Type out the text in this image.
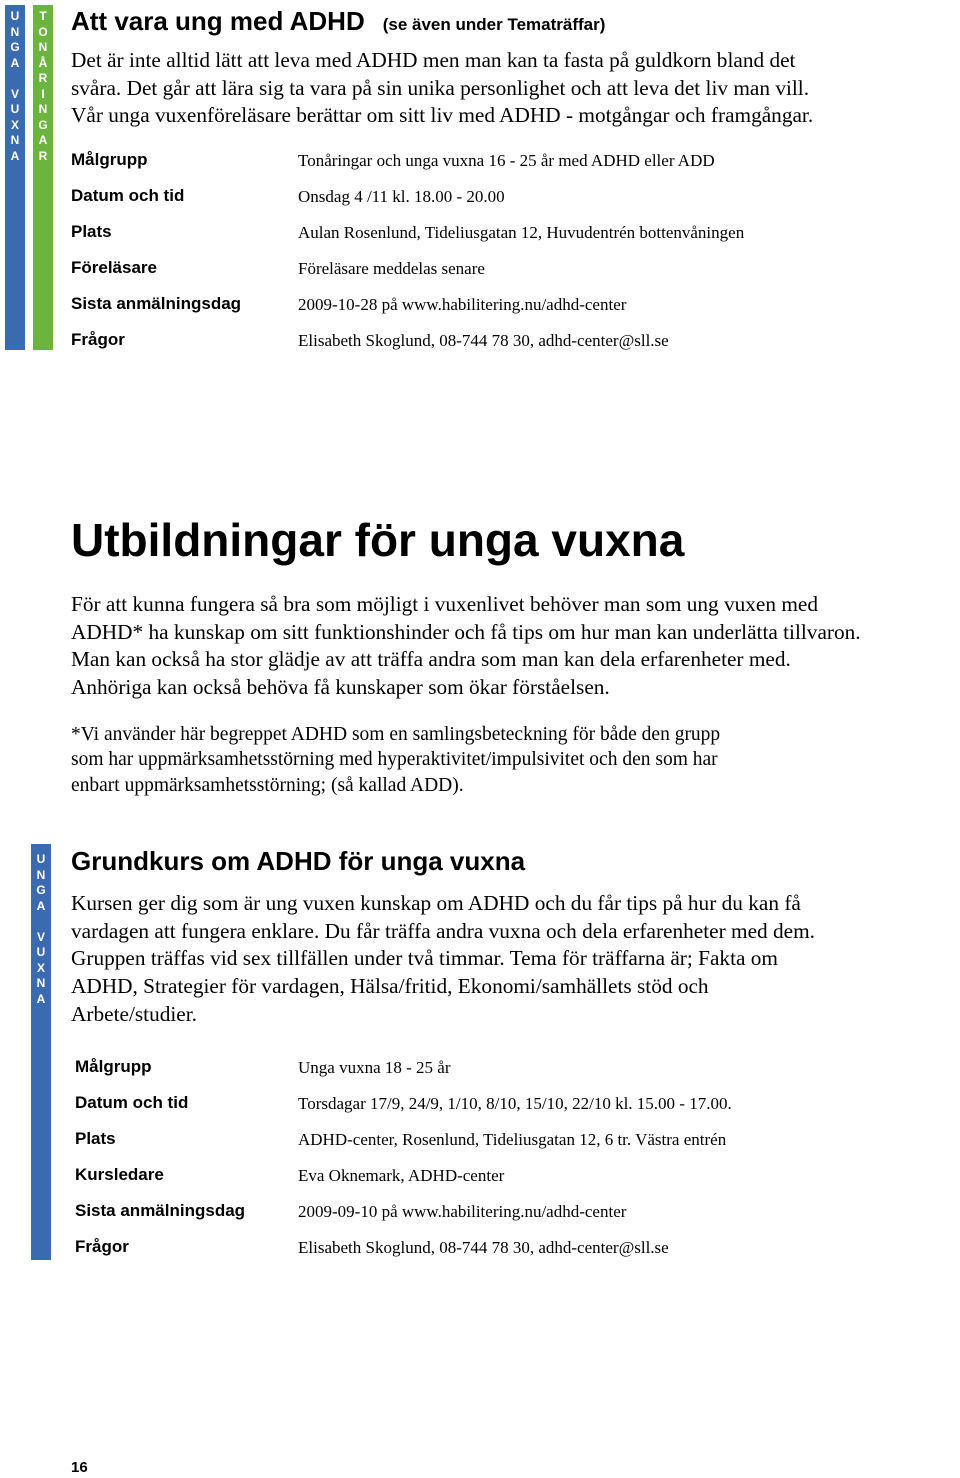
U
N
G
A
V
U
X
N
A
T
O
N
Å
R
I
N
G
A
R
U
N
G
A
V
U
X
N
A
Att vara ung med ADHD (se även under Tematräffar)
Det är inte alltid lätt att leva med ADHD men man kan ta fasta på guldkorn bland det
svåra. Det går att lära sig ta vara på sin unika personlighet och att leva det liv man vill.
Vår unga vuxenföreläsare berättar om sitt liv med ADHD - motgångar och framgångar.
Målgrupp	Tonåringar och unga vuxna 16 - 25 år med ADHD eller ADD
Datum och tid	Onsdag 4 /11 kl. 18.00 - 20.00
Plats	Aulan Rosenlund, Tideliusgatan 12, Huvudentrén bottenvåningen
Föreläsare	Föreläsare meddelas senare
Sista anmälningsdag	2009-10-28 på www.habilitering.nu/adhd-center
Frågor	Elisabeth Skoglund, 08-744 78 30, adhd-center@sll.se
Utbildningar för unga vuxna
För att kunna fungera så bra som möjligt i vuxenlivet behöver man som ung vuxen med
ADHD* ha kunskap om sitt funktionshinder och få tips om hur man kan underlätta tillvaron.
Man kan också ha stor glädje av att träffa andra som man kan dela erfarenheter med.
Anhöriga kan också behöva få kunskaper som ökar förståelsen.
*Vi använder här begreppet ADHD som en samlingsbeteckning för både den grupp
som har uppmärksamhetsstörning med hyperaktivitet/impulsivitet och den som har
enbart uppmärksamhetsstörning; (så kallad ADD).
Grundkurs om ADHD för unga vuxna
Kursen ger dig som är ung vuxen kunskap om ADHD och du får tips på hur du kan få
vardagen att fungera enklare. Du får träffa andra vuxna och dela erfarenheter med dem.
Gruppen träffas vid sex tillfällen under två timmar. Tema för träffarna är; Fakta om
ADHD, Strategier för vardagen, Hälsa/fritid, Ekonomi/samhällets stöd och
Arbete/studier.
Målgrupp	Unga vuxna 18 - 25 år
Datum och tid	Torsdagar 17/9, 24/9, 1/10, 8/10, 15/10, 22/10 kl. 15.00 - 17.00.
Plats	ADHD-center, Rosenlund, Tideliusgatan 12, 6 tr. Västra entrén
Kursledare	Eva Oknemark, ADHD-center
Sista anmälningsdag	2009-09-10 på www.habilitering.nu/adhd-center
Frågor	Elisabeth Skoglund, 08-744 78 30, adhd-center@sll.se
16
